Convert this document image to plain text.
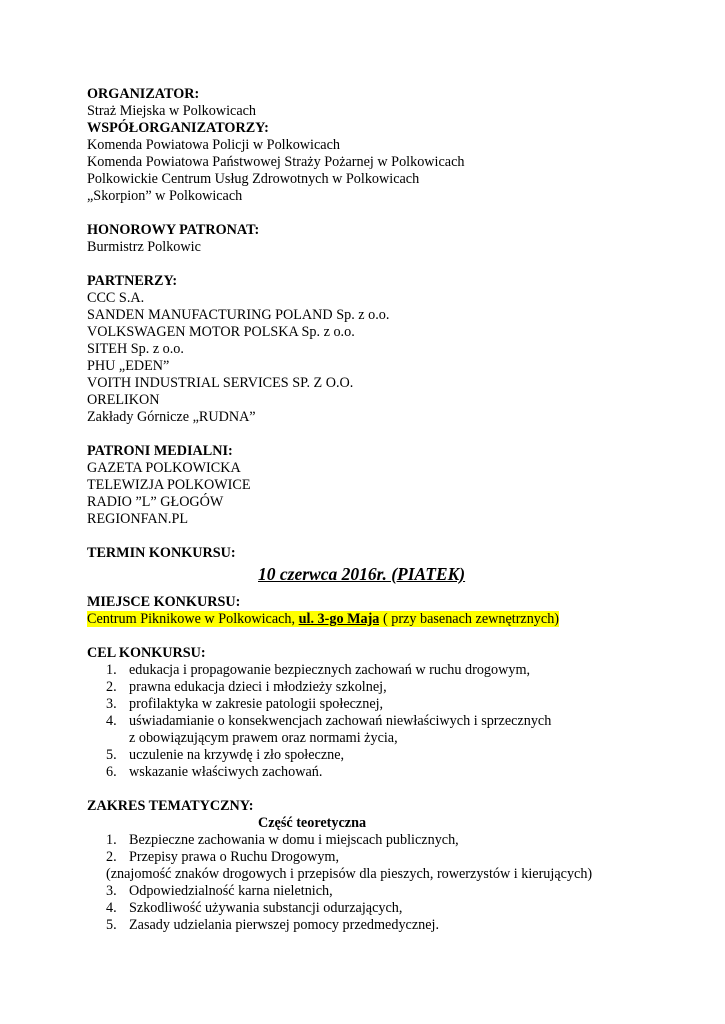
ORGANIZATOR:
Straż Miejska w Polkowicach
WSPÓŁORGANIZATORZY:
Komenda Powiatowa Policji w Polkowicach
Komenda Powiatowa Państwowej Straży Pożarnej w Polkowicach
Polkowickie Centrum Usług Zdrowotnych w Polkowicach
„Skorpion” w Polkowicach
HONOROWY PATRONAT:
Burmistrz Polkowic
PARTNERZY:
CCC S.A.
SANDEN MANUFACTURING POLAND Sp. z o.o.
VOLKSWAGEN MOTOR POLSKA Sp. z o.o.
SITEH Sp. z o.o.
PHU „EDEN”
VOITH INDUSTRIAL SERVICES SP. Z O.O.
ORELIKON
Zakłady Górnicze „RUDNA”
PATRONI MEDIALNI:
GAZETA POLKOWICKA
TELEWIZJA POLKOWICE
RADIO ”L” GŁOGÓW
REGIONFAN.PL
TERMIN KONKURSU:
10 czerwca 2016r. (PIATEK)
MIEJSCE KONKURSU:
Centrum Piknikowe w Polkowicach, ul. 3-go Maja ( przy basenach zewnętrznych)
CEL KONKURSU:
1. edukacja i propagowanie bezpiecznych zachowań w ruchu drogowym,
2. prawna edukacja dzieci i młodzieży szkolnej,
3. profilaktyka w zakresie patologii społecznej,
4. uświadamianie o konsekwencjach zachowań niewłaściwych i sprzecznych
z obowiązującym prawem oraz normami życia,
5. uczulenie na krzywdę i zło społeczne,
6. wskazanie właściwych zachowań.
ZAKRES TEMATYCZNY:
Część teoretyczna
1. Bezpieczne zachowania w domu i miejscach publicznych,
2. Przepisy prawa o Ruchu Drogowym,
(znajomość znaków drogowych i przepisów dla pieszych, rowerzystów i kierujących)
3. Odpowiedzialność karna nieletnich,
4. Szkodliwość używania substancji odurzających,
5. Zasady udzielania pierwszej pomocy przedmedycznej.
